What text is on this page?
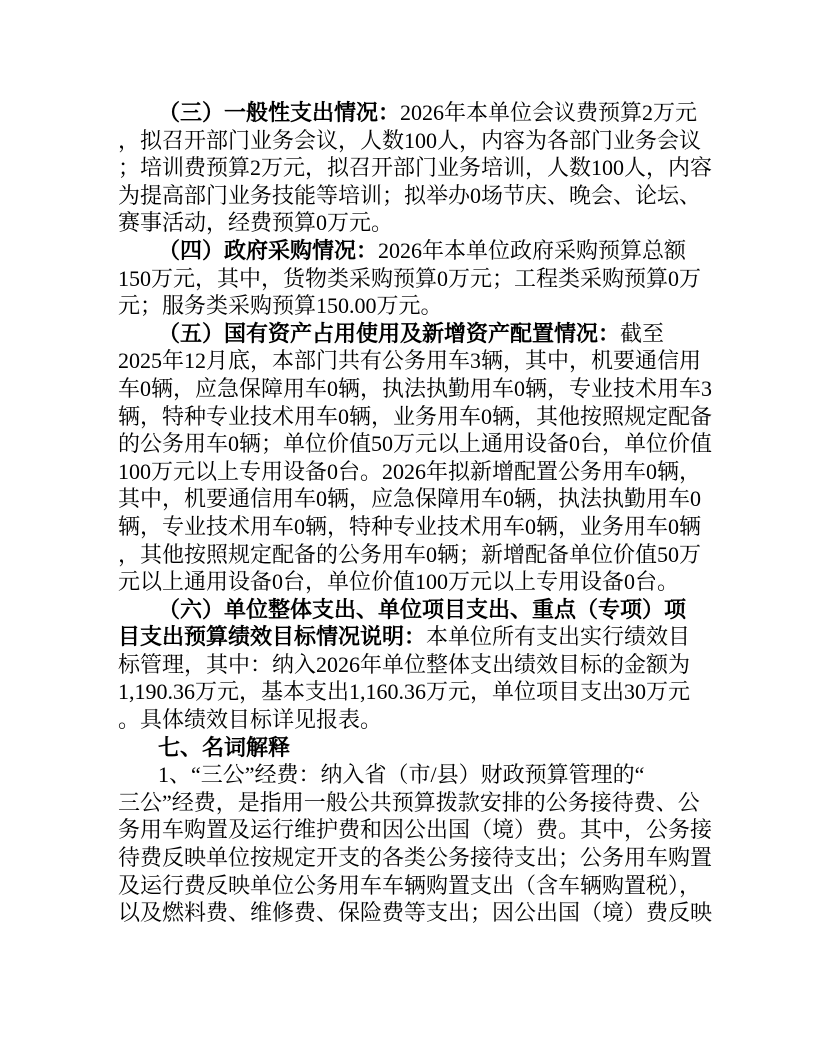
（三）一般性支出情况：2026年本单位会议费预算2万元
，拟召开部门业务会议，人数100人，内容为各部门业务会议
；培训费预算2万元，拟召开部门业务培训，人数100人，内容
为提高部门业务技能等培训；拟举办0场节庆、晚会、论坛、
赛事活动，经费预算0万元。
（四）政府采购情况：2026年本单位政府采购预算总额
150万元，其中，货物类采购预算0万元；工程类采购预算0万
元；服务类采购预算150.00万元。
（五）国有资产占用使用及新增资产配置情况：截至
2025年12月底，本部门共有公务用车3辆，其中，机要通信用
车0辆，应急保障用车0辆，执法执勤用车0辆，专业技术用车3
辆，特种专业技术用车0辆，业务用车0辆，其他按照规定配备
的公务用车0辆；单位价值50万元以上通用设备0台，单位价值
100万元以上专用设备0台。2026年拟新增配置公务用车0辆，
其中，机要通信用车0辆，应急保障用车0辆，执法执勤用车0
辆，专业技术用车0辆，特种专业技术用车0辆，业务用车0辆
，其他按照规定配备的公务用车0辆；新增配备单位价值50万
元以上通用设备0台，单位价值100万元以上专用设备0台。
（六）单位整体支出、单位项目支出、重点（专项）项
目支出预算绩效目标情况说明：本单位所有支出实行绩效目
标管理，其中：纳入2026年单位整体支出绩效目标的金额为
1,190.36万元，基本支出1,160.36万元，单位项目支出30万元
。具体绩效目标详见报表。
七、名词解释
1、“三公”经费：纳入省（市/县）财政预算管理的“
三公”经费，是指用一般公共预算拨款安排的公务接待费、公
务用车购置及运行维护费和因公出国（境）费。其中，公务接
待费反映单位按规定开支的各类公务接待支出；公务用车购置
及运行费反映单位公务用车车辆购置支出（含车辆购置税），
以及燃料费、维修费、保险费等支出；因公出国（境）费反映
